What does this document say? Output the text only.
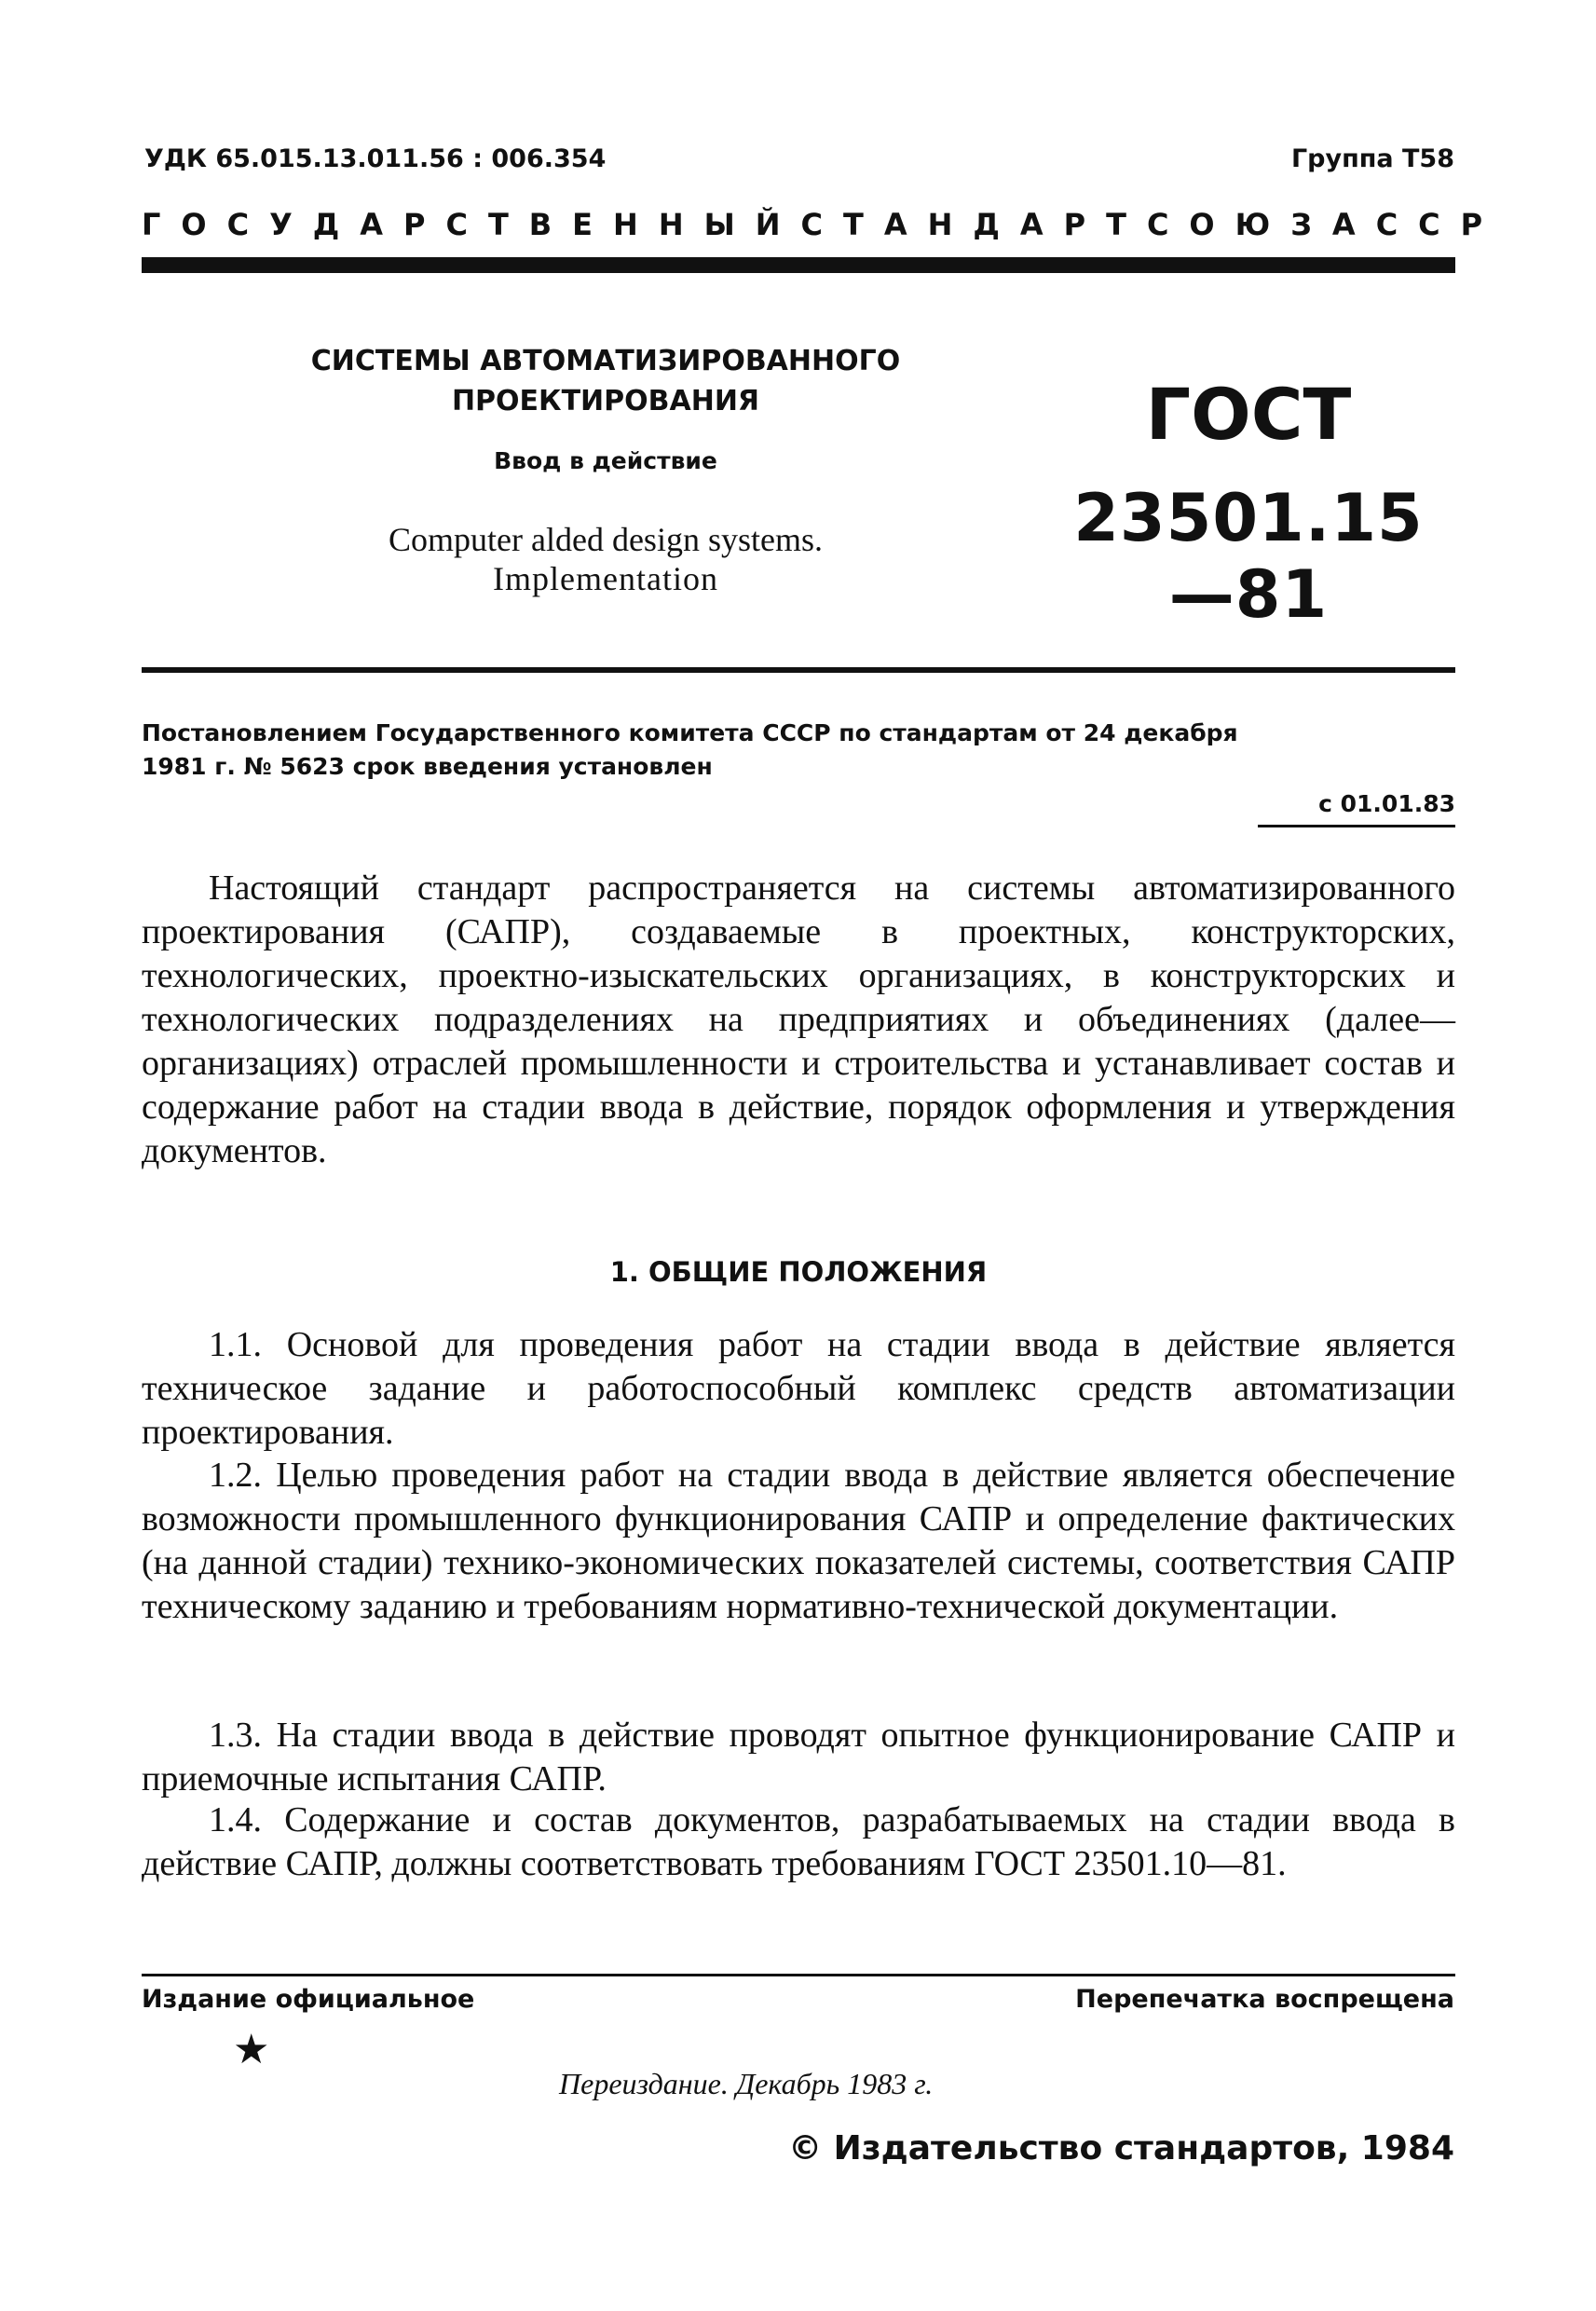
УДК 65.015.13.011.56 : 006.354	Группа Т58
ГОСУДАРСТВЕННЫЙ СТАНДАРТ СОЮЗА ССР
СИСТЕМЫ АВТОМАТИЗИРОВАННОГО
ПРОЕКТИРОВАНИЯ
Ввод в действие
Computer alded design systems.
Implementation
ГОСТ
23501.15—81
Постановлением Государственного комитета СССР по стандартам от 24 декабря
1981 г. № 5623 срок введения установлен
с 01.01.83

Настоящий стандарт распространяется на системы автоматизированного проектирования (САПР), создаваемые в проектных, конструкторских, технологических, проектно-изыскательских организациях, в конструкторских и технологических подразделениях на предприятиях и объединениях (далее—организациях) отраслей промышленности и строительства и устанавливает состав и содержание работ на стадии ввода в действие, порядок оформления и утверждения документов.

1. ОБЩИЕ ПОЛОЖЕНИЯ

1.1. Основой для проведения работ на стадии ввода в действие является техническое задание и работоспособный комплекс средств автоматизации проектирования.

1.2. Целью проведения работ на стадии ввода в действие является обеспечение возможности промышленного функционирования САПР и определение фактических (на данной стадии) технико-экономических показателей системы, соответствия САПР техническому заданию и требованиям нормативно-технической документации.

1.3. На стадии ввода в действие проводят опытное функционирование САПР и приемочные испытания САПР.

1.4. Содержание и состав документов, разрабатываемых на стадии ввода в действие САПР, должны соответствовать требованиям ГОСТ 23501.10—81.

Издание официальное	Перепечатка воспрещена
★
Переиздание. Декабрь 1983 г.
© Издательство стандартов, 1984
